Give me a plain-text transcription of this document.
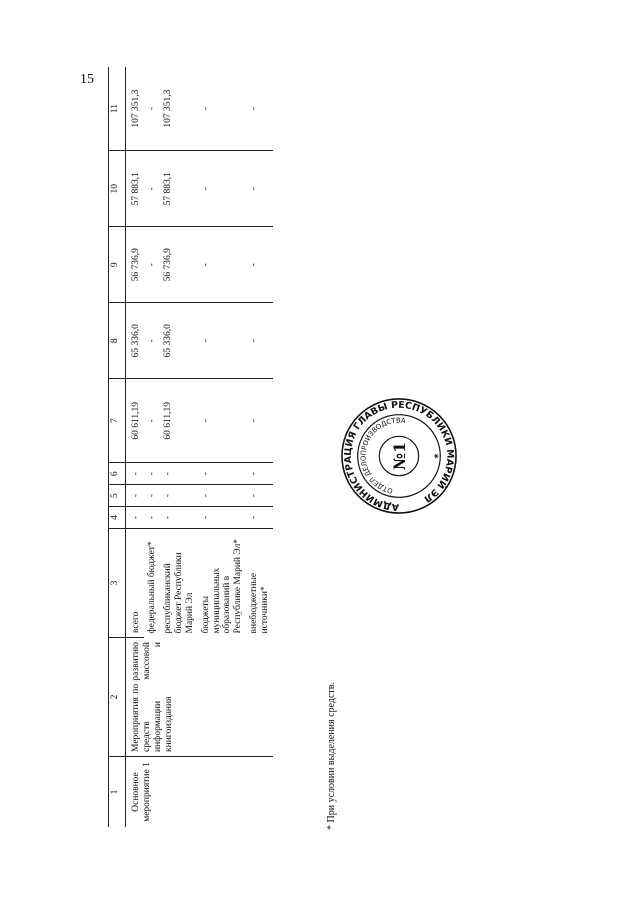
15
1	2	3	4	5	6	7	8	9	10	11
Основное мероприятие 1	Мероприятия по развитию средств массовой информации и книгоиздания	всего	-	-	-	60 611,19	65 336,0	56 736,9	57 883,1	107 351,3
		федеральный бюджет*	-	-	-	-	-	-	-	-
		республиканский бюджет Республики Марий Эл	-	-	-	60 611,19	65 336,0	56 736,9	57 883,1	107 351,3
		бюджеты муниципальных образований в Республике Марий Эл*	-	-	-	-	-	-	-	-
		внебюджетные источники*	-	-	-	-	-	-	-	-
* При условии выделения средств.
АДМИНИСТРАЦИЯ ГЛАВЫ РЕСПУБЛИКИ МАРИЙ ЭЛ
ОТДЕЛ ДЕЛОПРОИЗВОДСТВА
№1	✶
